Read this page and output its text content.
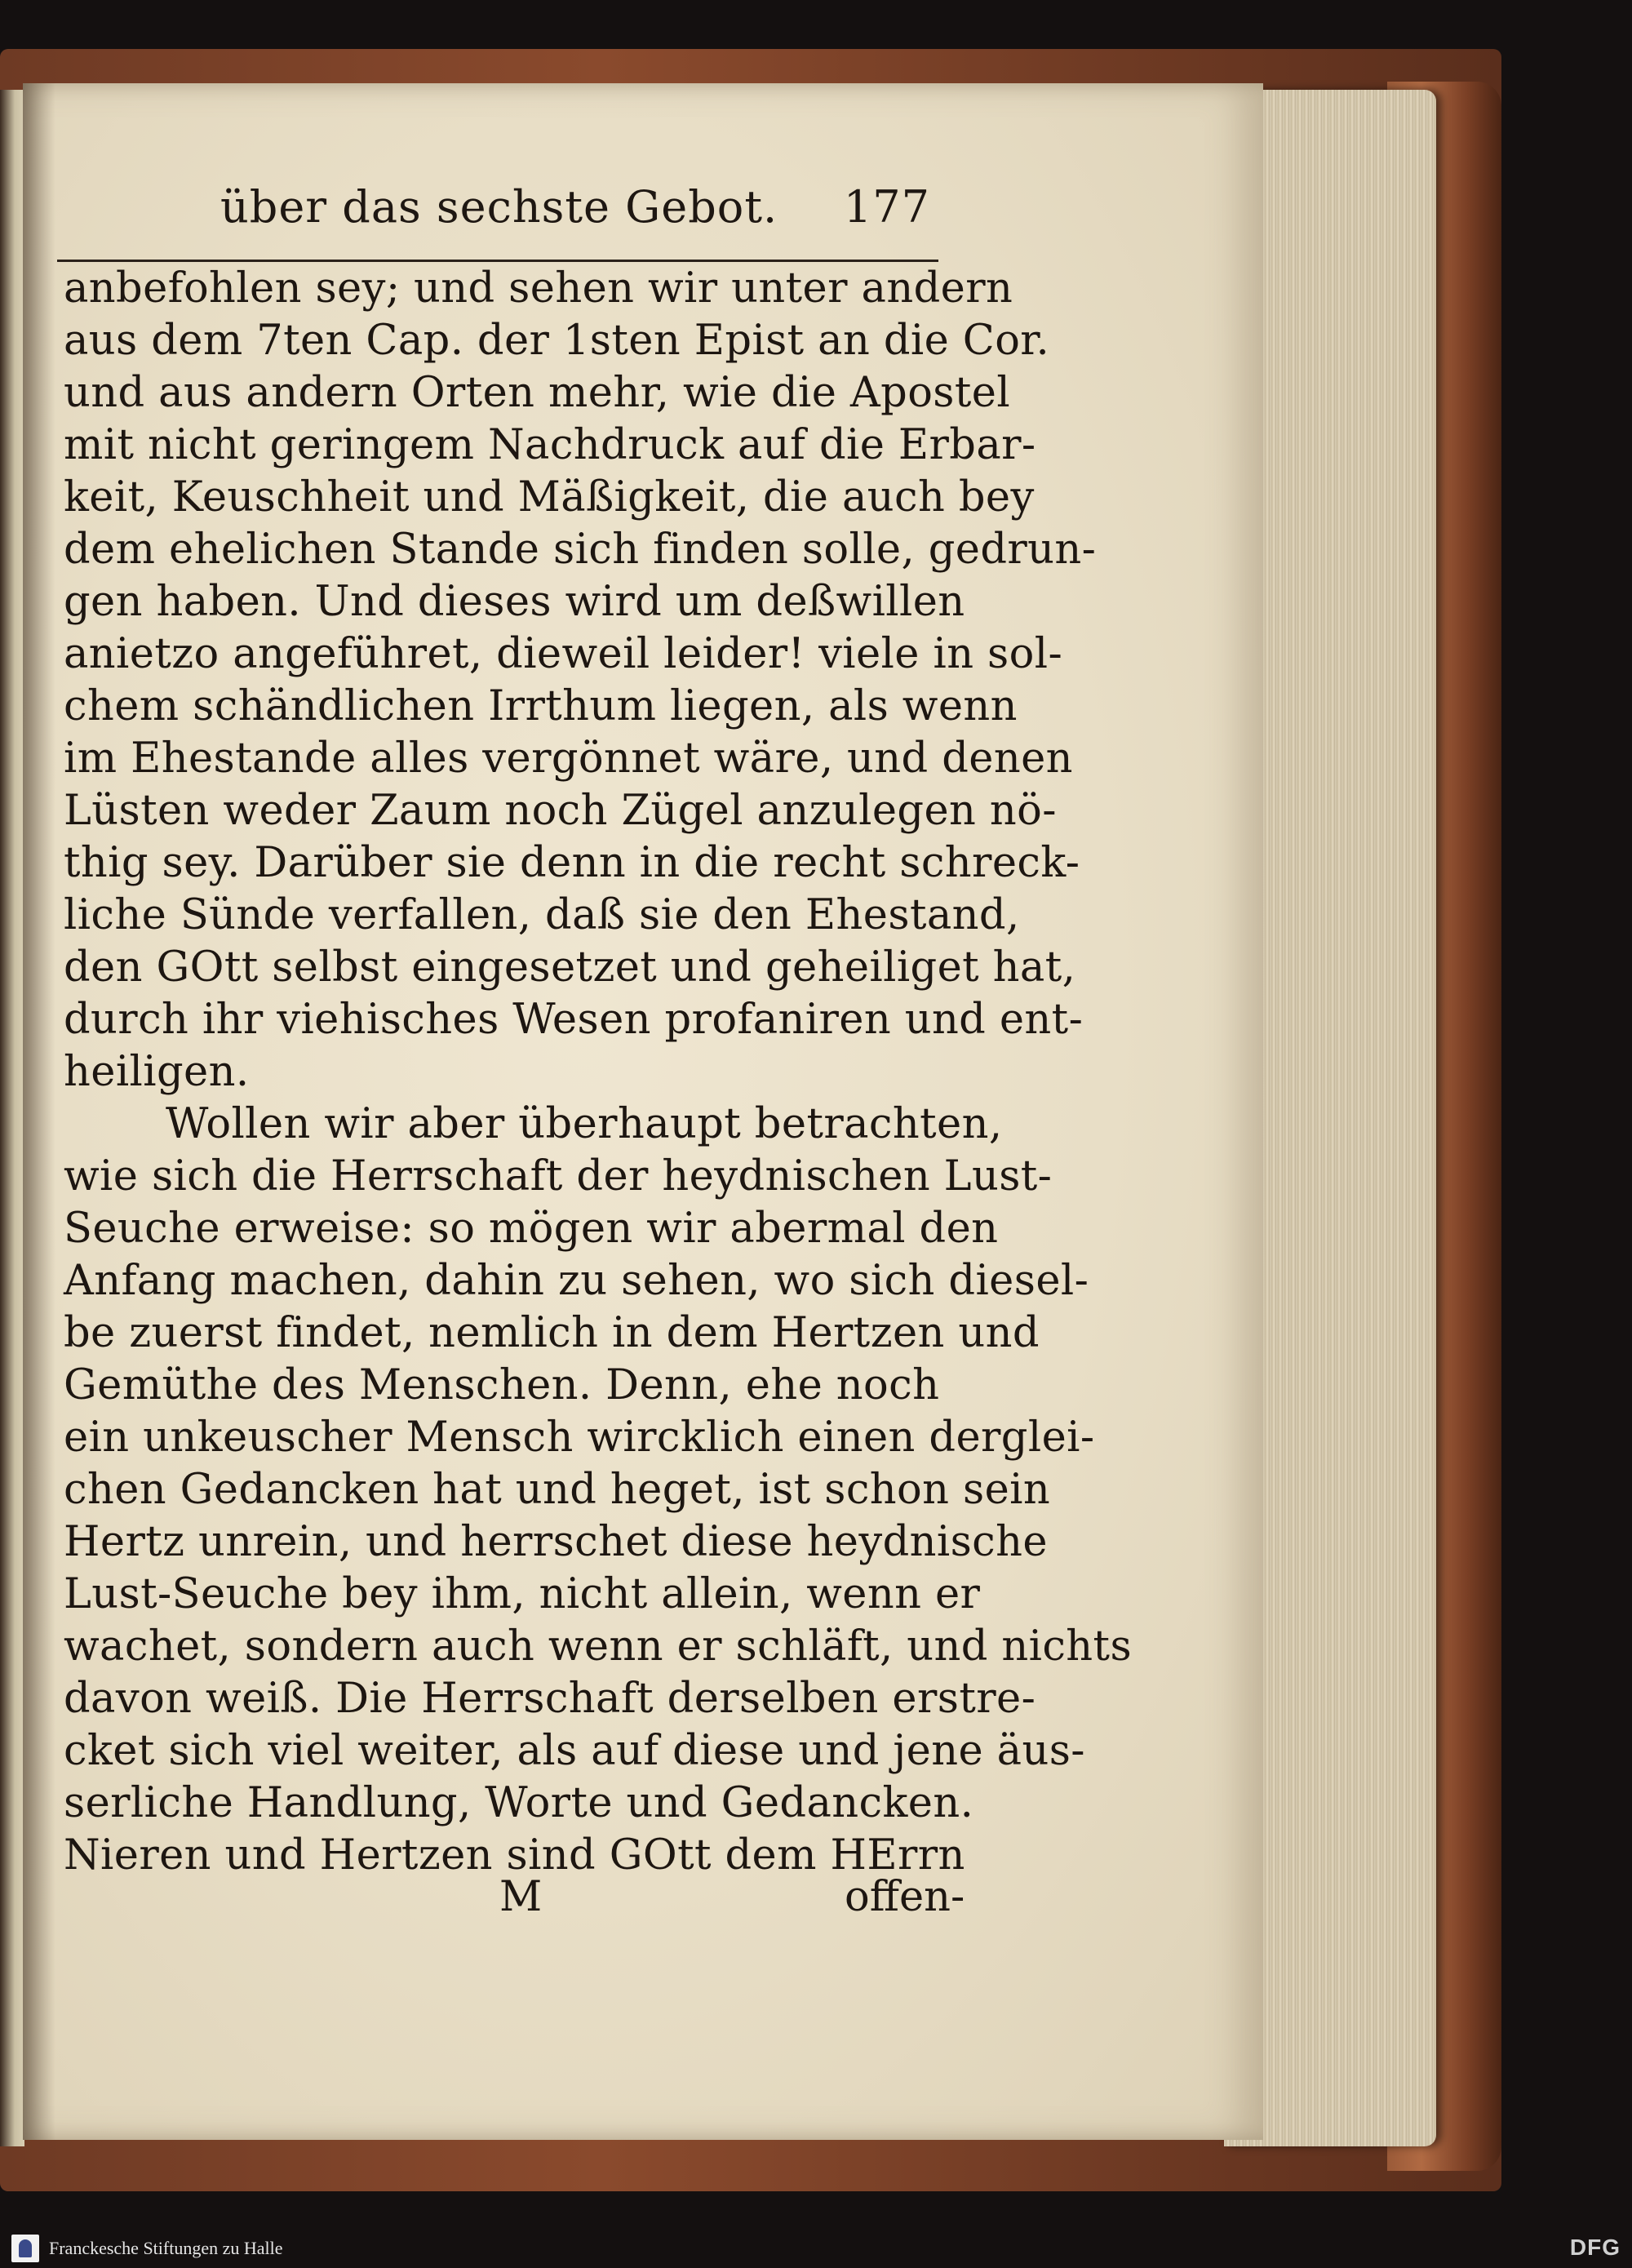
über das sechste Gebot. 177
anbefohlen sey; und sehen wir unter andern
aus dem 7ten Cap. der 1sten Epist an die Cor.
und aus andern Orten mehr, wie die Apostel
mit nicht geringem Nachdruck auf die Erbar-
keit, Keuschheit und Mäßigkeit, die auch bey
dem ehelichen Stande sich finden solle, gedrun-
gen haben. Und dieses wird um deßwillen
anietzo angeführet, dieweil leider! viele in sol-
chem schändlichen Irrthum liegen, als wenn
im Ehestande alles vergönnet wäre, und denen
Lüsten weder Zaum noch Zügel anzulegen nö-
thig sey. Darüber sie denn in die recht schreck-
liche Sünde verfallen, daß sie den Ehestand,
den GOtt selbst eingesetzet und geheiliget hat,
durch ihr viehisches Wesen profaniren und ent-
heiligen.
Wollen wir aber überhaupt betrachten,
wie sich die Herrschaft der heydnischen Lust-
Seuche erweise: so mögen wir abermal den
Anfang machen, dahin zu sehen, wo sich diesel-
be zuerst findet, nemlich in dem Hertzen und
Gemüthe des Menschen. Denn, ehe noch
ein unkeuscher Mensch wircklich einen derglei-
chen Gedancken hat und heget, ist schon sein
Hertz unrein, und herrschet diese heydnische
Lust-Seuche bey ihm, nicht allein, wenn er
wachet, sondern auch wenn er schläft, und nichts
davon weiß. Die Herrschaft derselben erstre-
cket sich viel weiter, als auf diese und jene äus-
serliche Handlung, Worte und Gedancken.
Nieren und Hertzen sind GOtt dem HErrn
M	offen-
Franckesche Stiftungen zu Halle	DFG
